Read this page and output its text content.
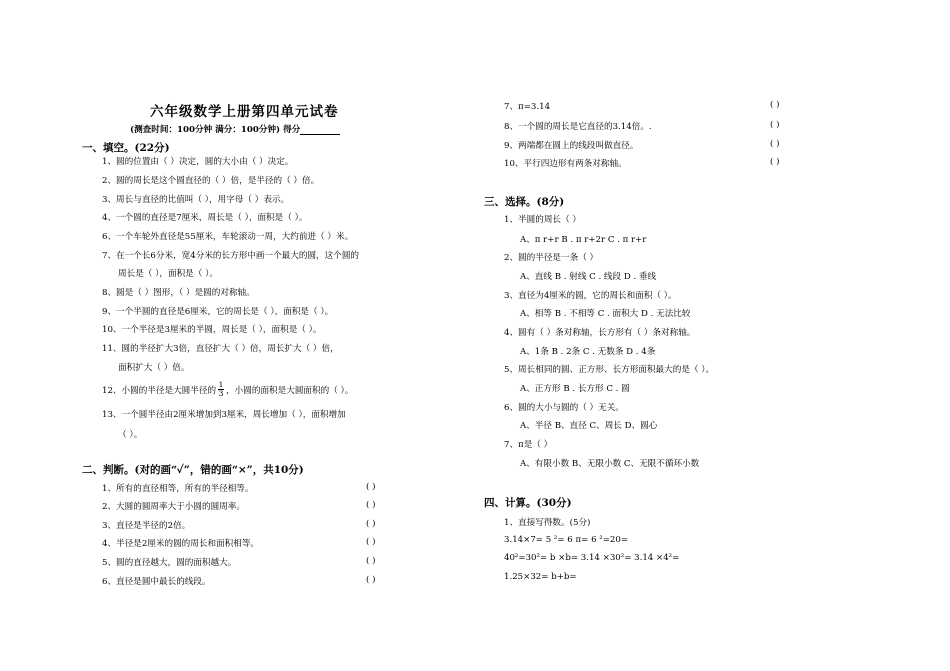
六年级数学上册第四单元试卷
(测查时间：100分钟 满分：100分钟) 得分
一、填空。(22分)
1、圆的位置由（ ）决定，圆的大小由（ ）决定。
2、圆的周长是这个圆直径的（ ）倍，是半径的（ ）倍。
3、周长与直径的比值叫（ ），用字母（ ）表示。
4、一个圆的直径是7厘米，周长是（ ），面积是（ ）。
6、一个车轮外直径是55厘米，车轮滚动一周，大约前进（ ）米。
7、在一个长6分米，宽4分米的长方形中画一个最大的圆，这个圆的
周长是（ ），面积是（ ）。
8、圆是（ ）图形，（ ）是圆的对称轴。
9、一个半圆的直径是6厘米，它的周长是（ ），面积是（ ）。
10、一个半径是3厘米的半圆，周长是（ ），面积是（ ）。
11、圆的半径扩大3倍，直径扩大（ ）倍，周长扩大（ ）倍，
面积扩大（ ）倍。
12、小圆的半径是大圆半径的 $\frac{1}{3}$ ，小圆的面积是大圆面积的（ ）。
13、一个圆半径由2厘米增加到3厘米，周长增加（ ），面积增加
（ ）。
二、判断。(对的画“✓”，错的画“×”，共10分)
1、所有的直径相等，所有的半径相等。	( )
2、大圆的圆周率大于小圆的圆周率。	( )
3、直径是半径的2倍。	( )
4、半径是2厘米的圆的周长和面积相等。	( )
5、圆的直径越大，圆的面积越大。	( )
6、直径是圆中最长的线段。	( )
7、π=3.14	( )
8、一个圆的周长是它直径的3.14倍。.	( )
9、两端都在圆上的线段叫做直径。	( )
10、平行四边形有两条对称轴。	( )
三、选择。(8分)
1、半圆的周长（ ）
A、π r+r B . π r+2r C . π r+r
2、圆的半径是一条（ ）
A、直线 B . 射线 C . 线段 D . 垂线
3、直径为4厘米的圆，它的周长和面积（ ）。
A、相等 B . 不相等 C . 面积大 D . 无法比较
4、圆有（ ）条对称轴，长方形有（ ）条对称轴。
A、1条 B . 2条 C . 无数条 D . 4条
5、周长相同的圆、正方形、长方形面积最大的是（ ）。
A、正方形 B . 长方形 C . 圆
6、圆的大小与圆的（ ）无关。
A、半径 B、直径 C、周长 D、圆心
7、π是（ ）
A、有限小数 B、无限小数 C、无限不循环小数
四、计算。(30分)
1、直接写得数。(5分)
3.14×7= 5 ²= 6 π= 6 ²=20=
40²=30²= b ×b= 3.14 ×30²= 3.14 ×4²=
1.25×32= b+b=
